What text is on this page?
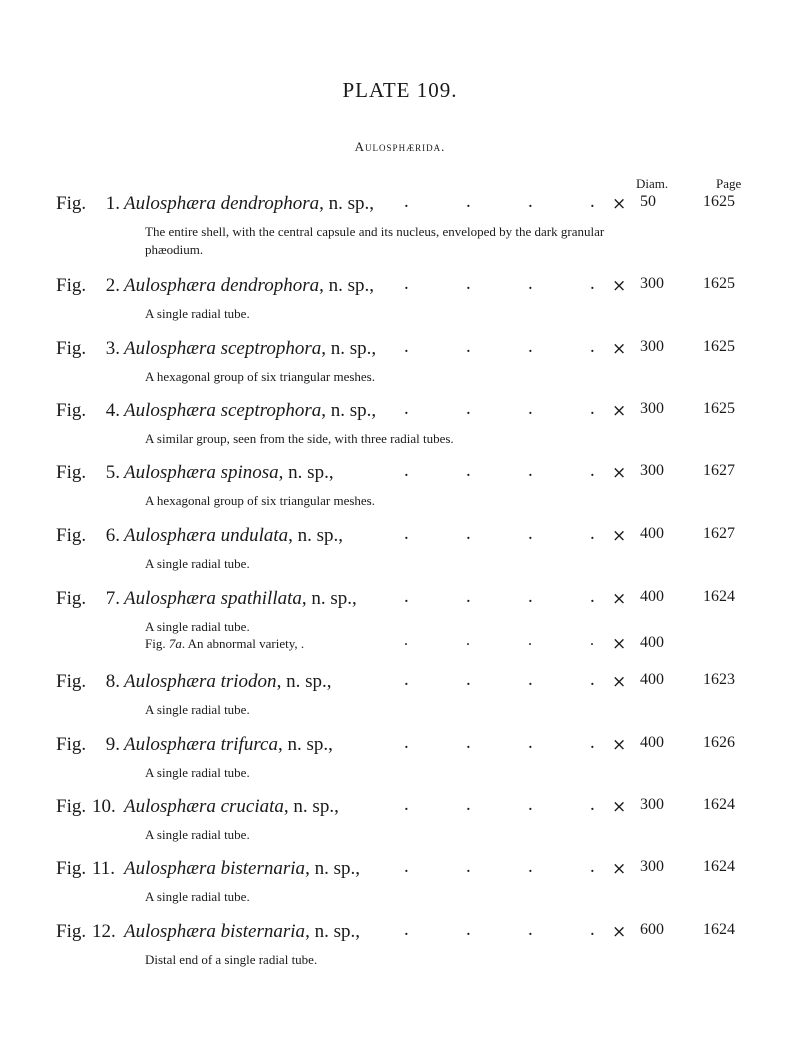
PLATE 109.
Aulosphærida.
Diam.	Page
Fig.	1. Aulosphæra dendrophora, n. sp., .	.	.	. × 50	1625
The entire shell, with the central capsule and its nucleus, enveloped by the dark granular phæodium.
Fig.	2. Aulosphæra dendrophora, n. sp., .	.	.	. × 300 1625
A single radial tube.
Fig.	3. Aulosphæra sceptrophora, n. sp., .	.	.	. × 300 1625
A hexagonal group of six triangular meshes.
Fig.	4. Aulosphæra sceptrophora, n. sp., .	.	.	. × 300 1625
A similar group, seen from the side, with three radial tubes.
Fig.	5. Aulosphæra spinosa, n. sp.,	.	.	.	. × 300 1627
A hexagonal group of six triangular meshes.
Fig.	6. Aulosphæra undulata, n. sp.,	.	.	.	. × 400 1627
A single radial tube.
Fig.	7. Aulosphæra spathillata, n. sp., .	.	.	. × 400 1624
A single radial tube.
Fig. 7a. An abnormal variety, .	.	.	.	. × 400
Fig.	8. Aulosphæra triodon, n. sp.,	.	.	.	. × 400 1623
A single radial tube.
Fig.	9. Aulosphæra trifurca, n. sp.,	.	.	.	. × 400 1626
A single radial tube.
Fig. 10. Aulosphæra cruciata, n. sp.,	.	.	.	. × 300 1624
A single radial tube.
Fig. 11. Aulosphæra bisternaria, n. sp., .	.	.	. × 300 1624
A single radial tube.
Fig. 12. Aulosphæra bisternaria, n. sp., .	.	.	. × 600 1624
Distal end of a single radial tube.
